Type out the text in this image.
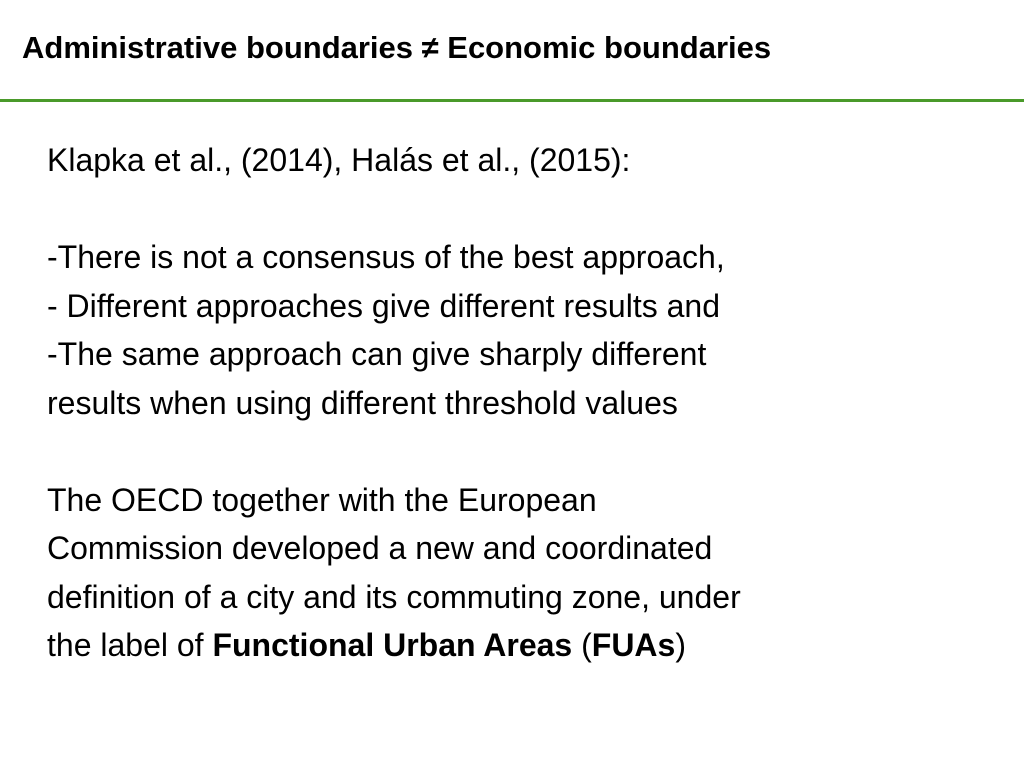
Administrative boundaries ≠ Economic boundaries

Klapka et al., (2014), Halás et al., (2015):

-There is not a consensus of the best approach,

- Different approaches give different results and

-The same approach can give sharply different

results when using different threshold values

The OECD together with the European

Commission developed a new and coordinated

definition of a city and its commuting zone, under

the label of Functional Urban Areas (FUAs)
